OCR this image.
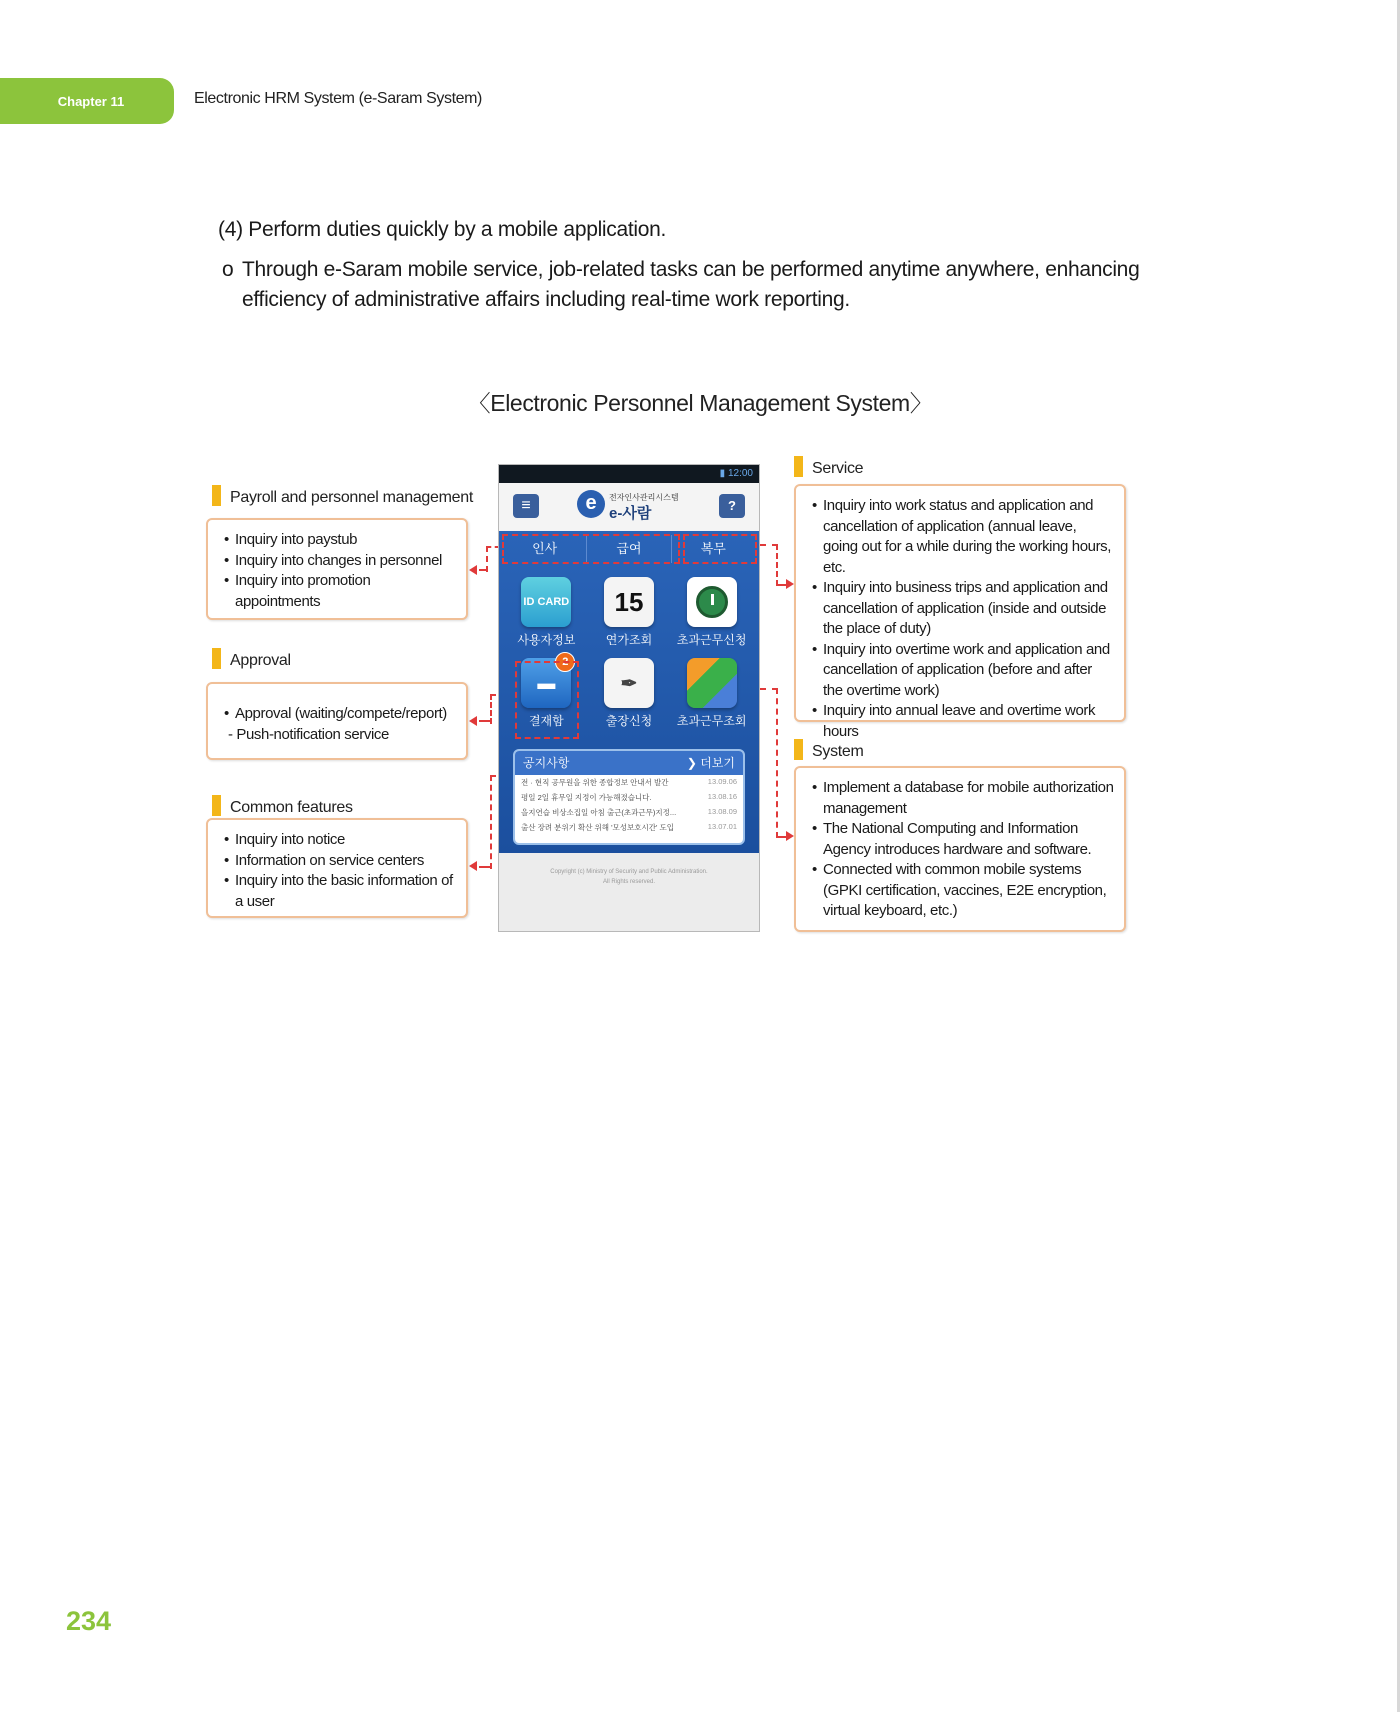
Chapter 11	Electronic HRM System (e-Saram System)
(4) Perform duties quickly by a mobile application.
o Through e-Saram mobile service, job-related tasks can be performed anytime anywhere, enhancing efficiency of administrative affairs including real-time work reporting.
〈Electronic Personnel Management System〉
Payroll and personnel management
• Inquiry into paystub
• Inquiry into changes in personnel
• Inquiry into promotion appointments
Approval
• Approval (waiting/compete/report)
- Push-notification service
Common features
• Inquiry into notice
• Information on service centers
• Inquiry into the basic information of a user
Service
• Inquiry into work status and application and cancellation of application (annual leave, going out for a while during the working hours, etc.
• Inquiry into business trips and application and cancellation of application (inside and outside the place of duty)
• Inquiry into overtime work and application and cancellation of application (before and after the overtime work)
• Inquiry into annual leave and overtime work hours
System
• Implement a database for mobile authorization management
• The National Computing and Information Agency introduces hardware and software.
• Connected with common mobile systems (GPKI certification, vaccines, E2E encryption, virtual keyboard, etc.)
▮ 12:00
≡	e	전자인사관리시스템
e-사람	?
인사	급여	복무
ID CARD
사용자정보
15
연가조회	초과근무신청
▬
2
결재함
✒
출장신청	초과근무조회
공지사항	❯ 더보기
전 · 현직 공무원을 위한 종합정보 안내서 발간	13.09.06
평일 2일 휴무일 지정이 가능해졌습니다.	13.08.16
을지연습 비상소집일 아침 출근(초과근무)지정...	13.08.09
출산 장려 분위기 확산 위해 '모성보호시간' 도입	13.07.01
Copyright (c) Ministry of Security and Public Administration.
All Rights reserved.
234
